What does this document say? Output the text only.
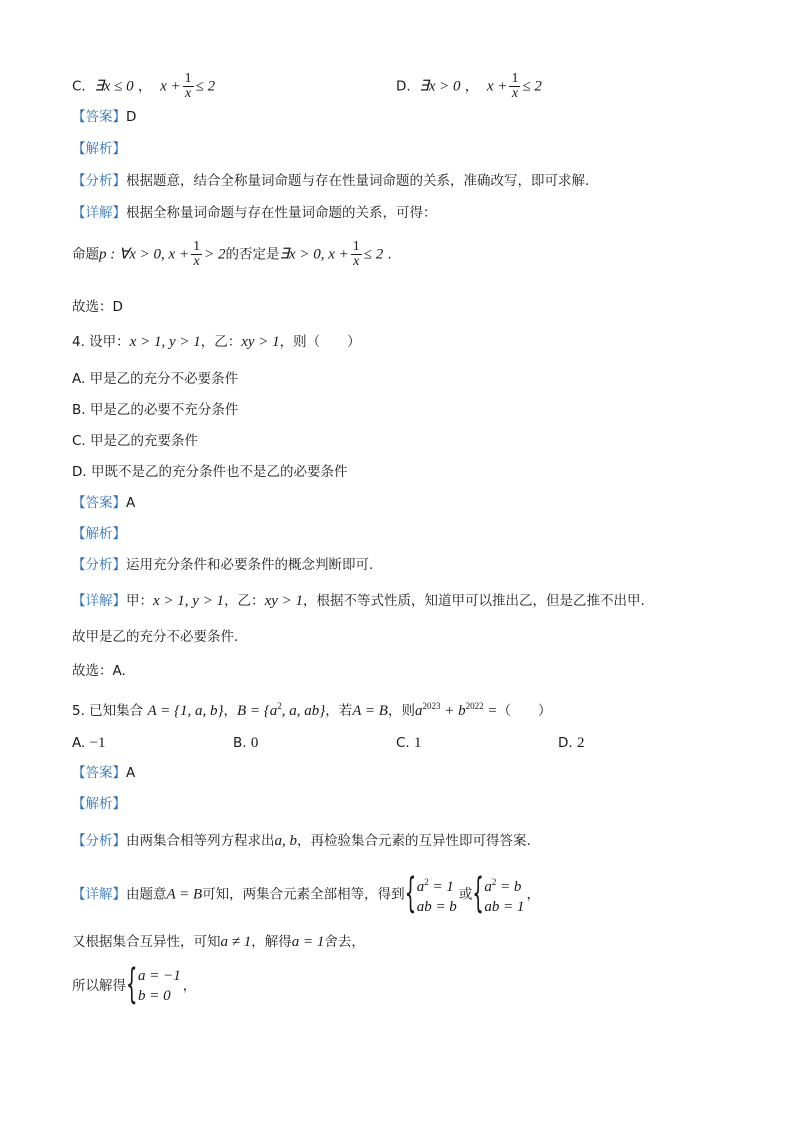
C. ∃x ≤ 0 ，  $x + \frac{1}{x} \le 2$	D. ∃x > 0 ，  $x + \frac{1}{x} \le 2$
【答案】D
【解析】
【分析】根据题意，结合全称量词命题与存在性量词命题的关系，准确改写，即可求解.
【详解】根据全称量词命题与存在性量词命题的关系，可得：
命题p : ∀x > 0, $x + \frac{1}{x} > 2$的否定是∃x > 0, $x + \frac{1}{x} \le 2$ .
故选：D
4. 设甲：x > 1, y > 1，乙：xy > 1，则（　　）
A. 甲是乙的充分不必要条件
B. 甲是乙的必要不充分条件
C. 甲是乙的充要条件
D. 甲既不是乙的充分条件也不是乙的必要条件
【答案】A
【解析】
【分析】运用充分条件和必要条件的概念判断即可.
【详解】甲：x > 1, y > 1，乙：xy > 1，根据不等式性质，知道甲可以推出乙，但是乙推不出甲.
故甲是乙的充分不必要条件.
故选：A.
5. 已知集合 A = {1, a, b}，$B = \{a^2$, a, ab}，若A = B，则$a^{2023} + b^{2022}$ =（　　）
A. −1	B. 0	C. 1	D. 2
【答案】A
【解析】
【分析】由两集合相等列方程求出a, b，再检验集合元素的互异性即可得答案.
【详解】由题意A = B可知，两集合元素全部相等，得到 { $a^2 = 1$
ab = b
或 { $a^2 = b$
ab = 1
，
又根据集合互异性，可知a ≠ 1，解得a = 1舍去，
所以解得 { a = −1
b = 0
，
